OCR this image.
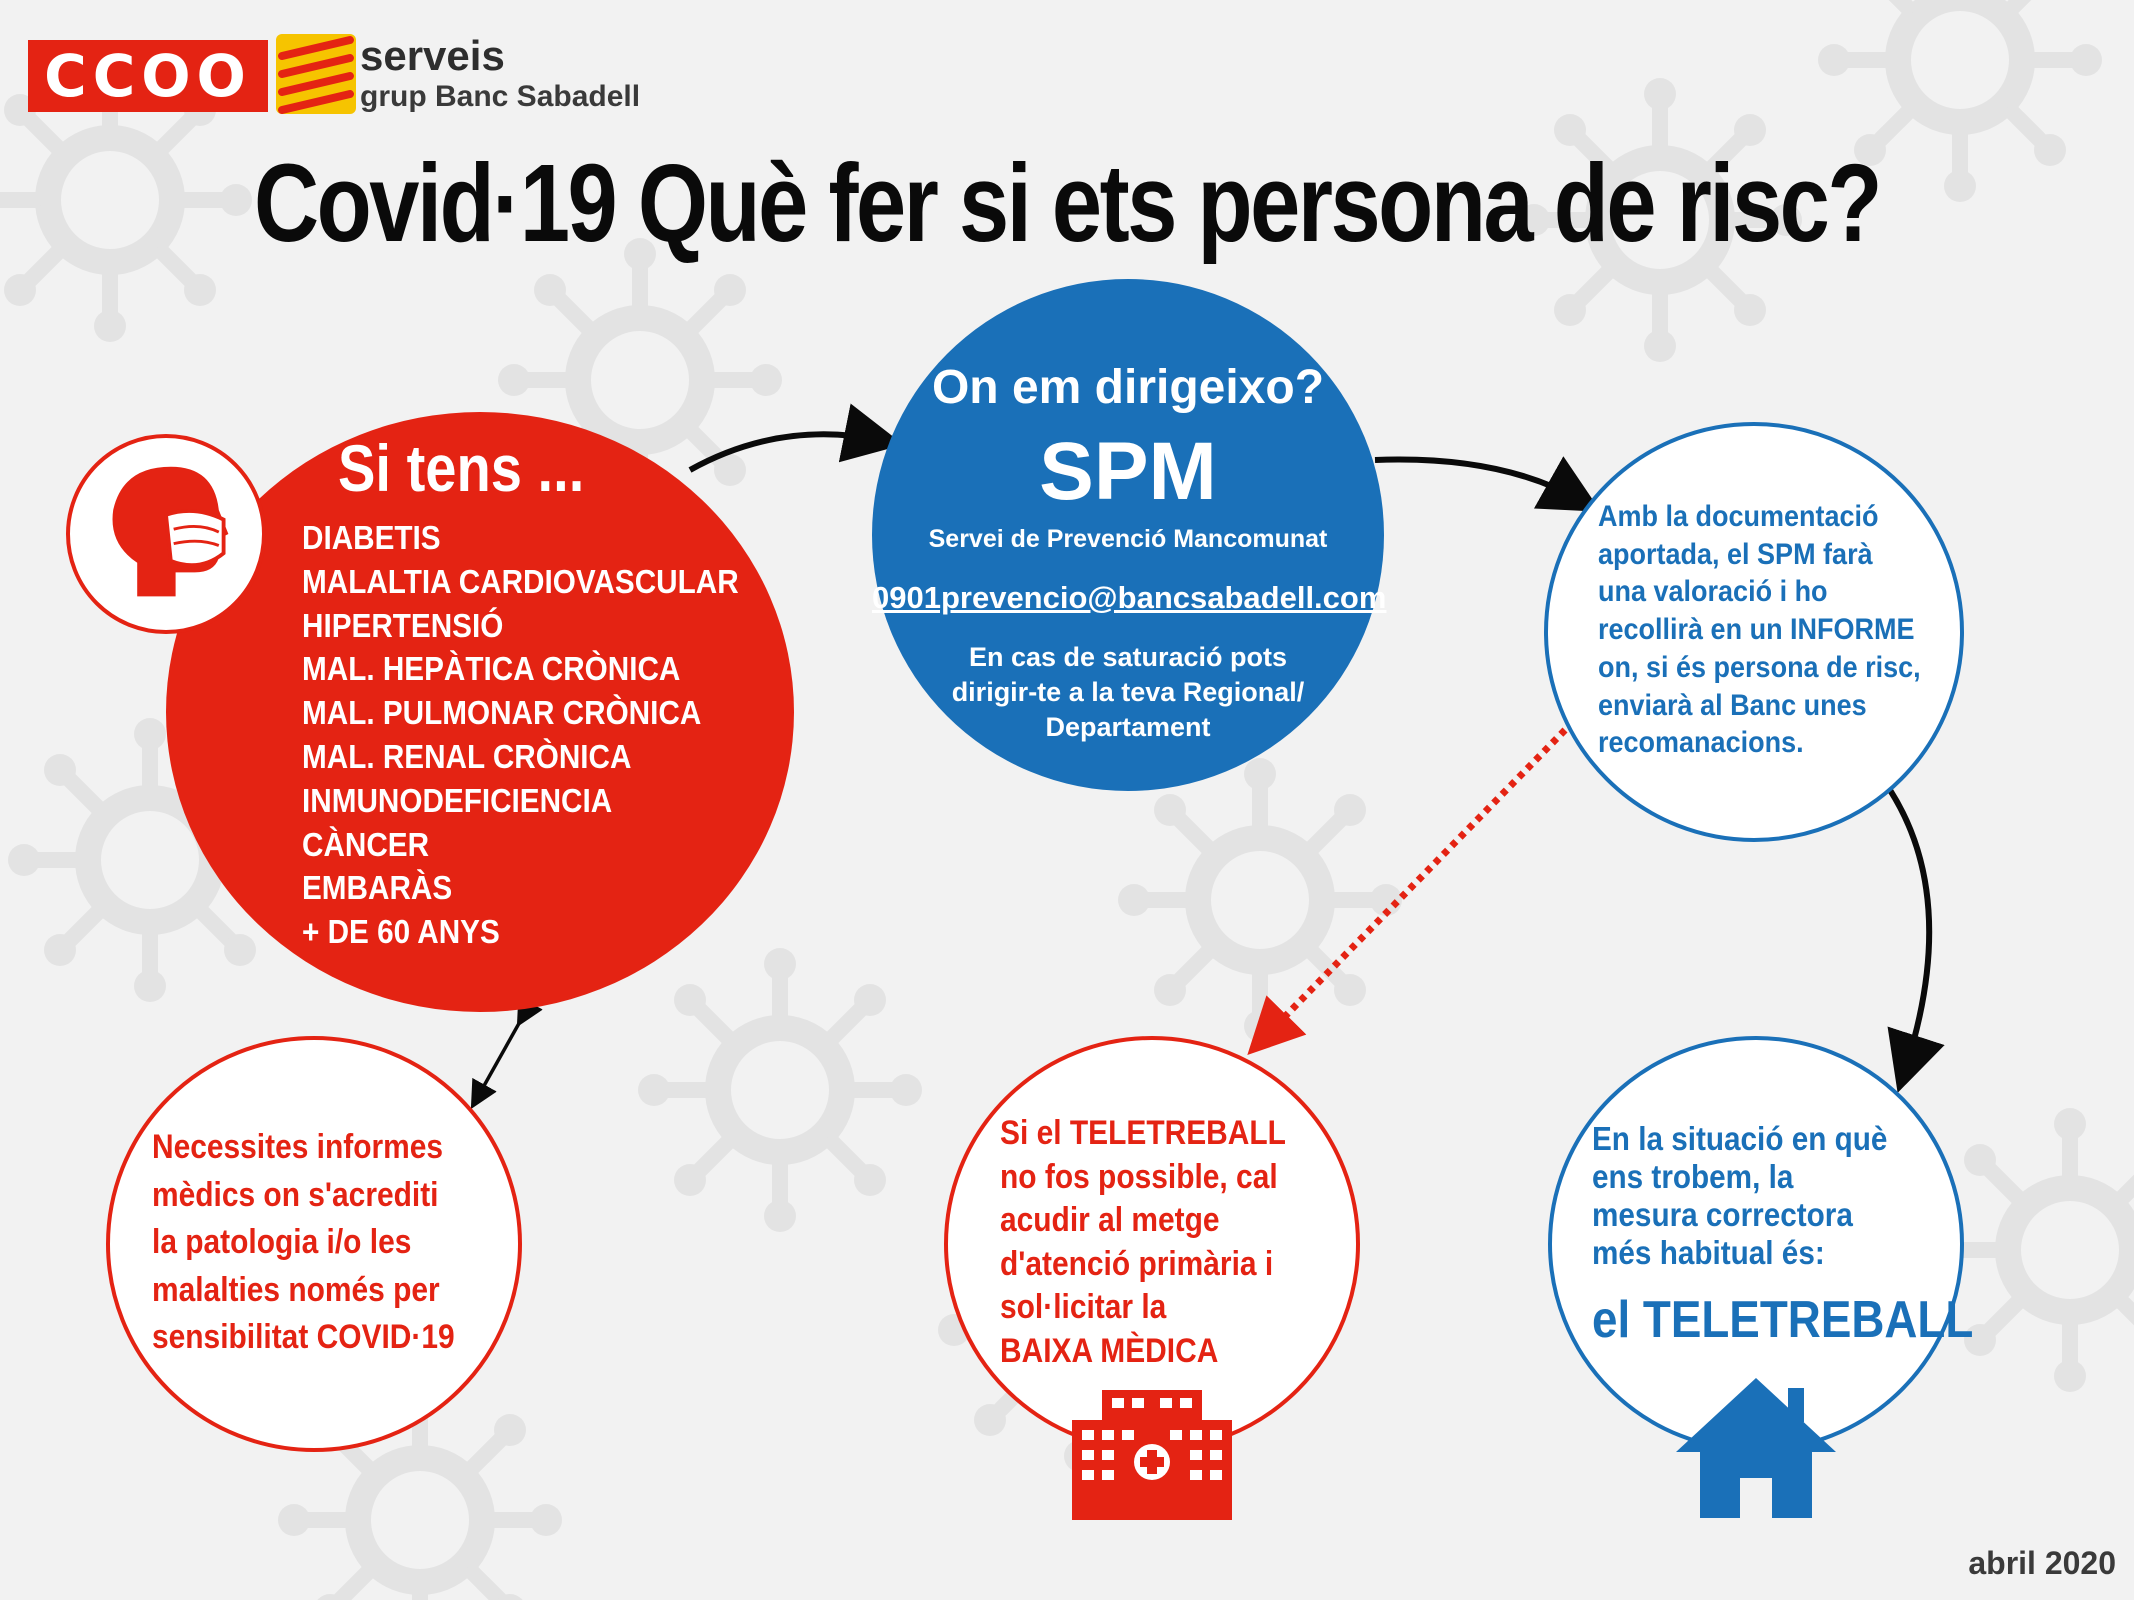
CCOO	serveis
grup Banc Sabadell
Covid·19 Què fer si ets persona de risc?
Si tens ...
DIABETIS
MALALTIA CARDIOVASCULAR
HIPERTENSIÓ
MAL. HEPÀTICA CRÒNICA
MAL. PULMONAR CRÒNICA
MAL. RENAL CRÒNICA
INMUNODEFICIENCIA
CÀNCER
EMBARÀS
+ DE 60 ANYS
On em dirigeixo?
SPM
Servei de Prevenció Mancomunat
0901prevencio@bancsabadell.com
En cas de saturació pots dirigir-te a la teva Regional/ Departament
Amb la documentació
aportada, el SPM farà
una valoració i ho
recollirà en un INFORME
on, si és persona de risc,
enviarà al Banc unes
recomanacions.
Necessites informes
mèdics on s'acrediti
la patologia i/o les
malalties només per
sensibilitat COVID·19
Si el TELETREBALL
no fos possible, cal
acudir al metge
d'atenció primària i
sol·licitar la
BAIXA MÈDICA
En la situació en què
ens trobem, la
mesura correctora
més habitual és:
el TELETREBALL
abril 2020
